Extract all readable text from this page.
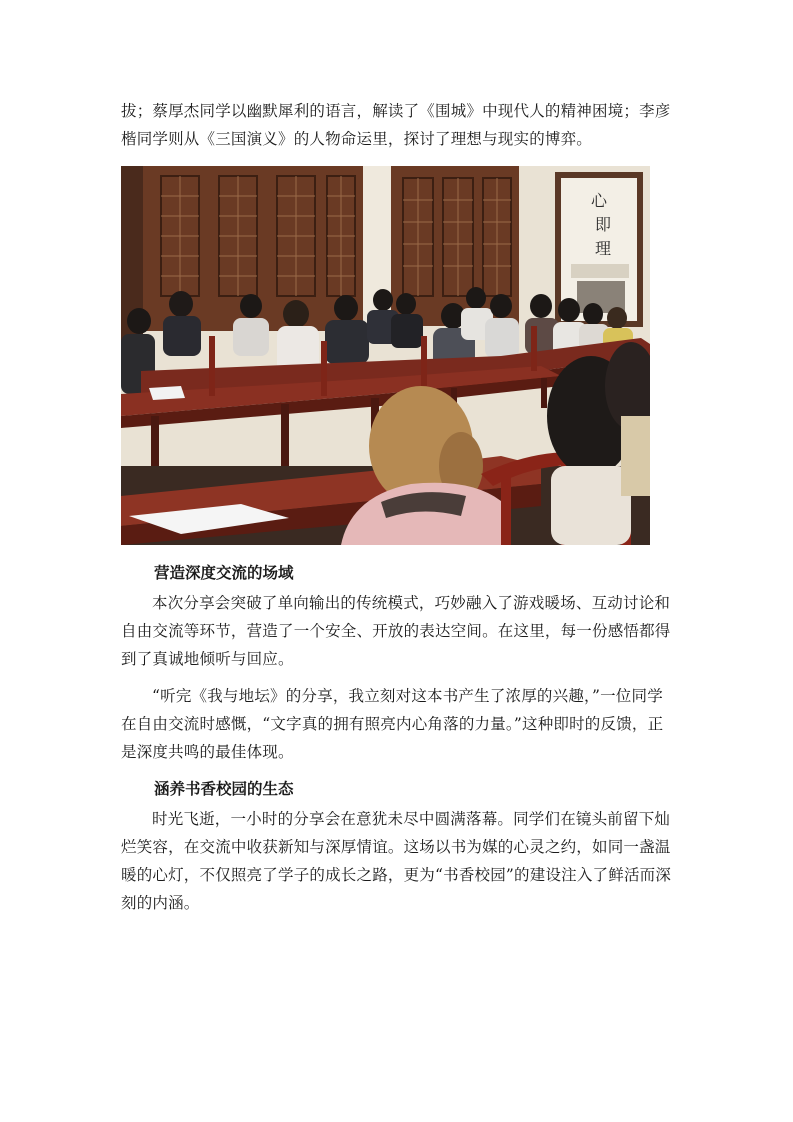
拔；蔡厚杰同学以幽默犀利的语言，解读了《围城》中现代人的精神困境；李彦楷同学则从《三国演义》的人物命运里，探讨了理想与现实的博弈。

心
即
理

营造深度交流的场域

本次分享会突破了单向输出的传统模式，巧妙融入了游戏暖场、互动讨论和自由交流等环节，营造了一个安全、开放的表达空间。在这里，每一份感悟都得到了真诚地倾听与回应。

“听完《我与地坛》的分享，我立刻对这本书产生了浓厚的兴趣，”一位同学在自由交流时感慨，“文字真的拥有照亮内心角落的力量。”这种即时的反馈，正是深度共鸣的最佳体现。

涵养书香校园的生态

时光飞逝，一小时的分享会在意犹未尽中圆满落幕。同学们在镜头前留下灿烂笑容，在交流中收获新知与深厚情谊。这场以书为媒的心灵之约，如同一盏温暖的心灯，不仅照亮了学子的成长之路，更为“书香校园”的建设注入了鲜活而深刻的内涵。
